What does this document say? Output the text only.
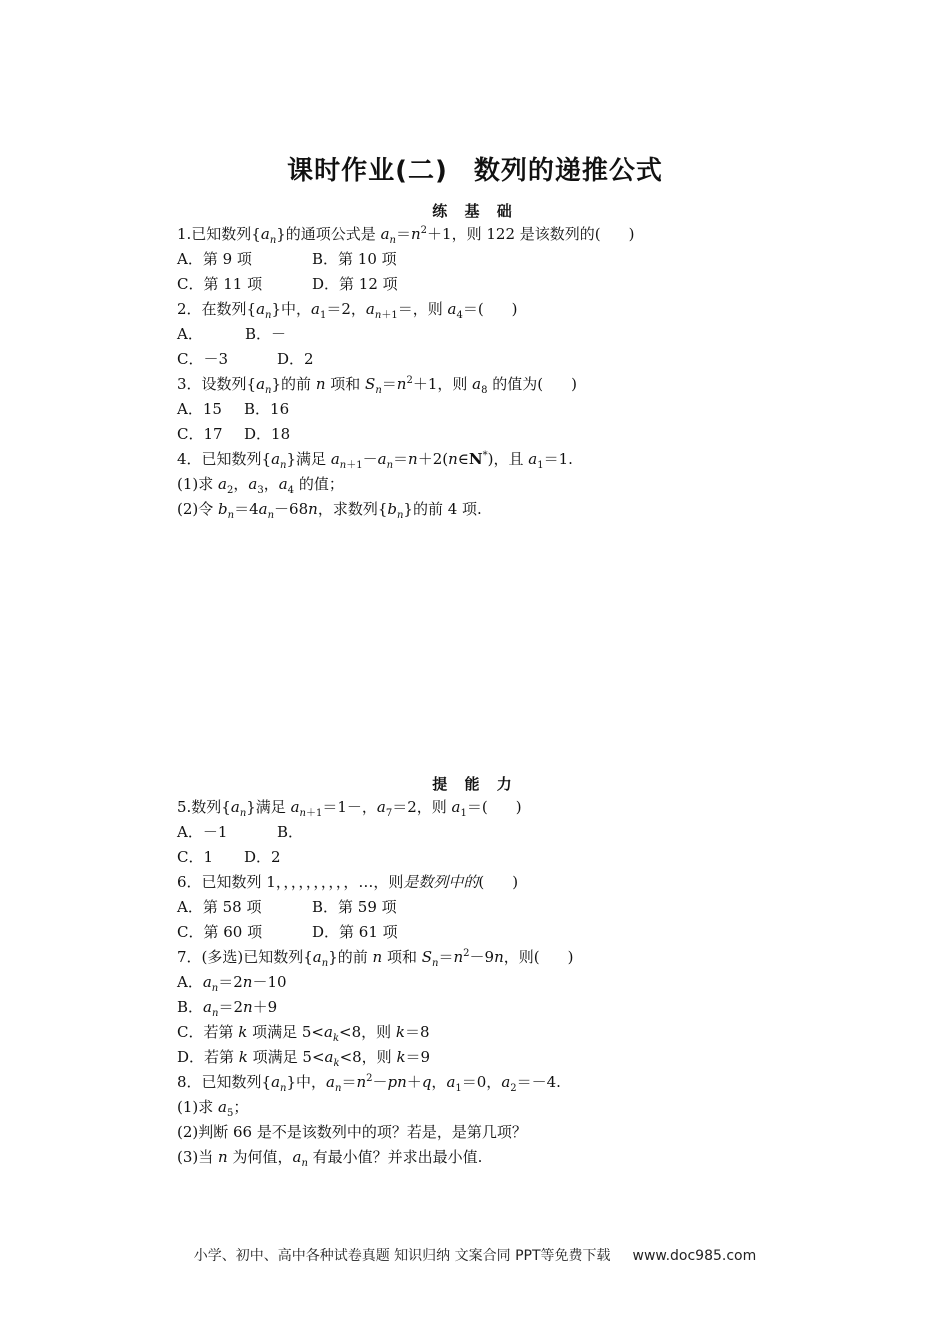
课时作业(二) 数列的递推公式
练 基 础
1.已知数列$\{a_n\}$的通项公式是 $a_n=n^2+1$，则 122 是该数列的( )
A．第 9 项	B．第 10 项
C．第 11 项	D．第 12 项
2．在数列$\{a_n\}$中，$a_1=2$，$a_{n+1}=$，则 $a_4=$( )
A．	B．－
C．－3	D．2
3．设数列$\{a_n\}$的前 n 项和 $S_n=n^2+1$，则 $a_8$ 的值为( )
A．15 B．16
C．17 D．18
4．已知数列$\{a_n\}$满足 $a_{n+1}-a_n=n+2(n\in N^*)$，且 $a_1=1$.
(1)求 $a_2$，$a_3$，$a_4$ 的值；
(2)令 $b_n=4a_n-68n$，求数列$\{b_n\}$的前 4 项.
提 能 力
5.数列$\{a_n\}$满足 $a_{n+1}=1-$，$a_7=2$，则 $a_1=$( )
A．－1	B．
C．1 D．2
6．已知数列 1，，，，，，，，，，…，则是数列中的( )
A．第 58 项	B．第 59 项
C．第 60 项	D．第 61 项
7．(多选)已知数列$\{a_n\}$的前 n 项和 $S_n=n^2-9n$，则( )
A．$a_n=2n-10$
B．$a_n=2n+9$
C．若第 k 项满足 $5<a_k<8$，则 k＝8
D．若第 k 项满足 $5<a_k<8$，则 k＝9
8．已知数列$\{a_n\}$中，$a_n=n^2-pn+q$，$a_1=0$，$a_2=-4$.
(1)求 $a_5$；
(2)判断 66 是不是该数列中的项？若是，是第几项？
(3)当 n 为何值，$a_n$ 有最小值？并求出最小值.
小学、初中、高中各种试卷真题 知识归纳 文案合同 PPT等免费下载 www.doc985.com
